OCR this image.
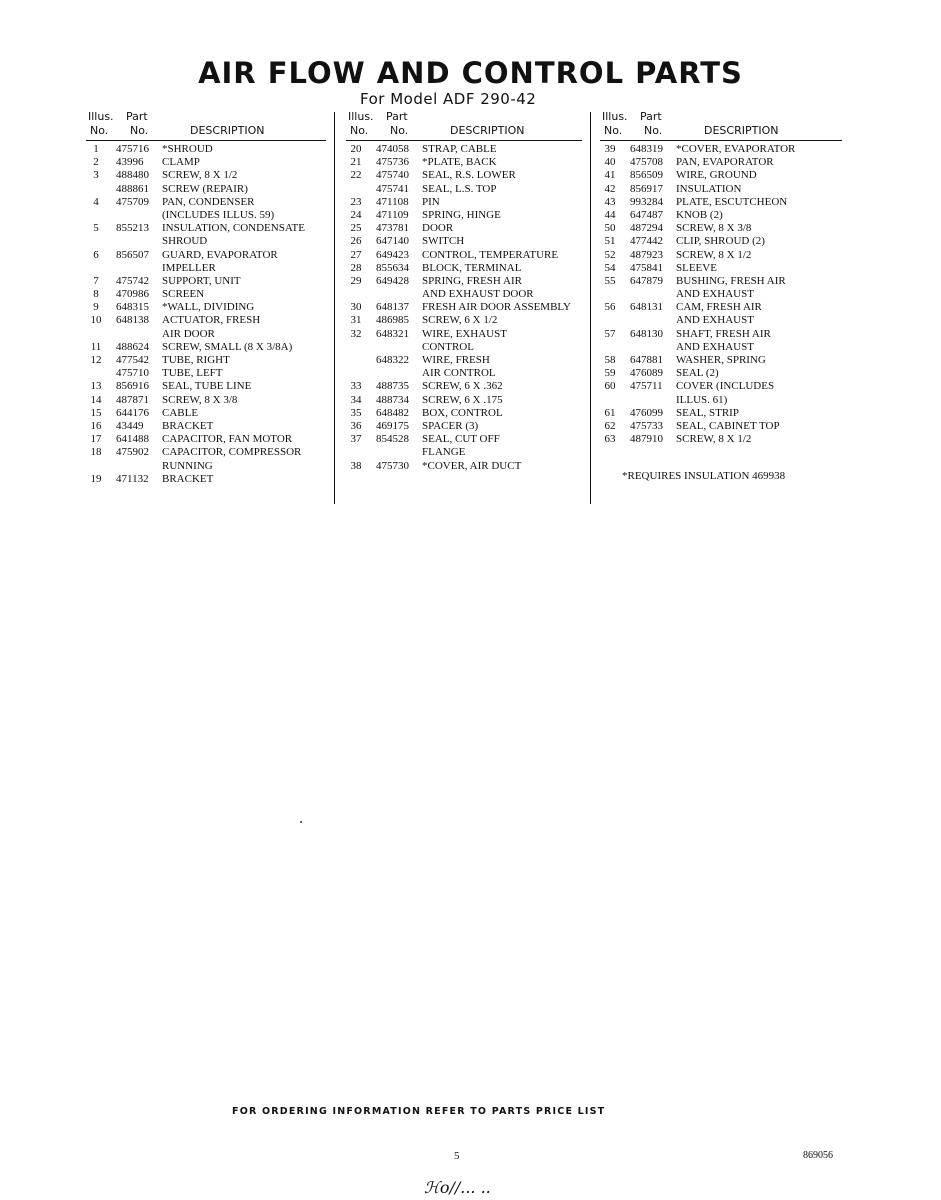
AIR FLOW AND CONTROL PARTS
For Model ADF 290-42
Illus. Part
No. No.	DESCRIPTION
1	475716 *SHROUD
2	43996 CLAMP
3	488480 SCREW, 8 X 1/2
488861 SCREW (REPAIR)
4	475709 PAN, CONDENSER
(INCLUDES ILLUS. 59)
5	855213 INSULATION, CONDENSATE
SHROUD
6	856507 GUARD, EVAPORATOR
IMPELLER
7	475742 SUPPORT, UNIT
8	470986 SCREEN
9	648315 *WALL, DIVIDING
10	648138 ACTUATOR, FRESH
AIR DOOR
11	488624 SCREW, SMALL (8 X 3/8A)
12	477542 TUBE, RIGHT
475710 TUBE, LEFT
13	856916 SEAL, TUBE LINE
14	487871 SCREW, 8 X 3/8
15	644176 CABLE
16	43449 BRACKET
17	641488 CAPACITOR, FAN MOTOR
18	475902 CAPACITOR, COMPRESSOR
RUNNING
19	471132 BRACKET
Illus. Part
No. No.	DESCRIPTION
20	474058 STRAP, CABLE
21	475736 *PLATE, BACK
22	475740 SEAL, R.S. LOWER
475741 SEAL, L.S. TOP
23	471108 PIN
24	471109 SPRING, HINGE
25	473781 DOOR
26	647140 SWITCH
27	649423 CONTROL, TEMPERATURE
28	855634 BLOCK, TERMINAL
29	649428 SPRING, FRESH AIR
AND EXHAUST DOOR
30	648137 FRESH AIR DOOR ASSEMBLY
31	486985 SCREW, 6 X 1/2
32	648321 WIRE, EXHAUST
CONTROL
648322 WIRE, FRESH
AIR CONTROL
33	488735 SCREW, 6 X .362
34	488734 SCREW, 6 X .175
35	648482 BOX, CONTROL
36	469175 SPACER (3)
37	854528 SEAL, CUT OFF
FLANGE
38	475730 *COVER, AIR DUCT
Illus. Part
No. No.	DESCRIPTION
39	648319 *COVER, EVAPORATOR
40	475708 PAN, EVAPORATOR
41	856509 WIRE, GROUND
42	856917 INSULATION
43	993284 PLATE, ESCUTCHEON
44	647487 KNOB (2)
50	487294 SCREW, 8 X 3/8
51	477442 CLIP, SHROUD (2)
52	487923 SCREW, 8 X 1/2
54	475841 SLEEVE
55	647879 BUSHING, FRESH AIR
AND EXHAUST
56	648131 CAM, FRESH AIR
AND EXHAUST
57	648130 SHAFT, FRESH AIR
AND EXHAUST
58	647881 WASHER, SPRING
59	476089 SEAL (2)
60	475711 COVER (INCLUDES
ILLUS. 61)
61	476099 SEAL, STRIP
62	475733 SEAL, CABINET TOP
63	487910 SCREW, 8 X 1/2
*REQUIRES INSULATION 469938
FOR ORDERING INFORMATION REFER TO PARTS PRICE LIST
5	869056
ℋo//... ..
